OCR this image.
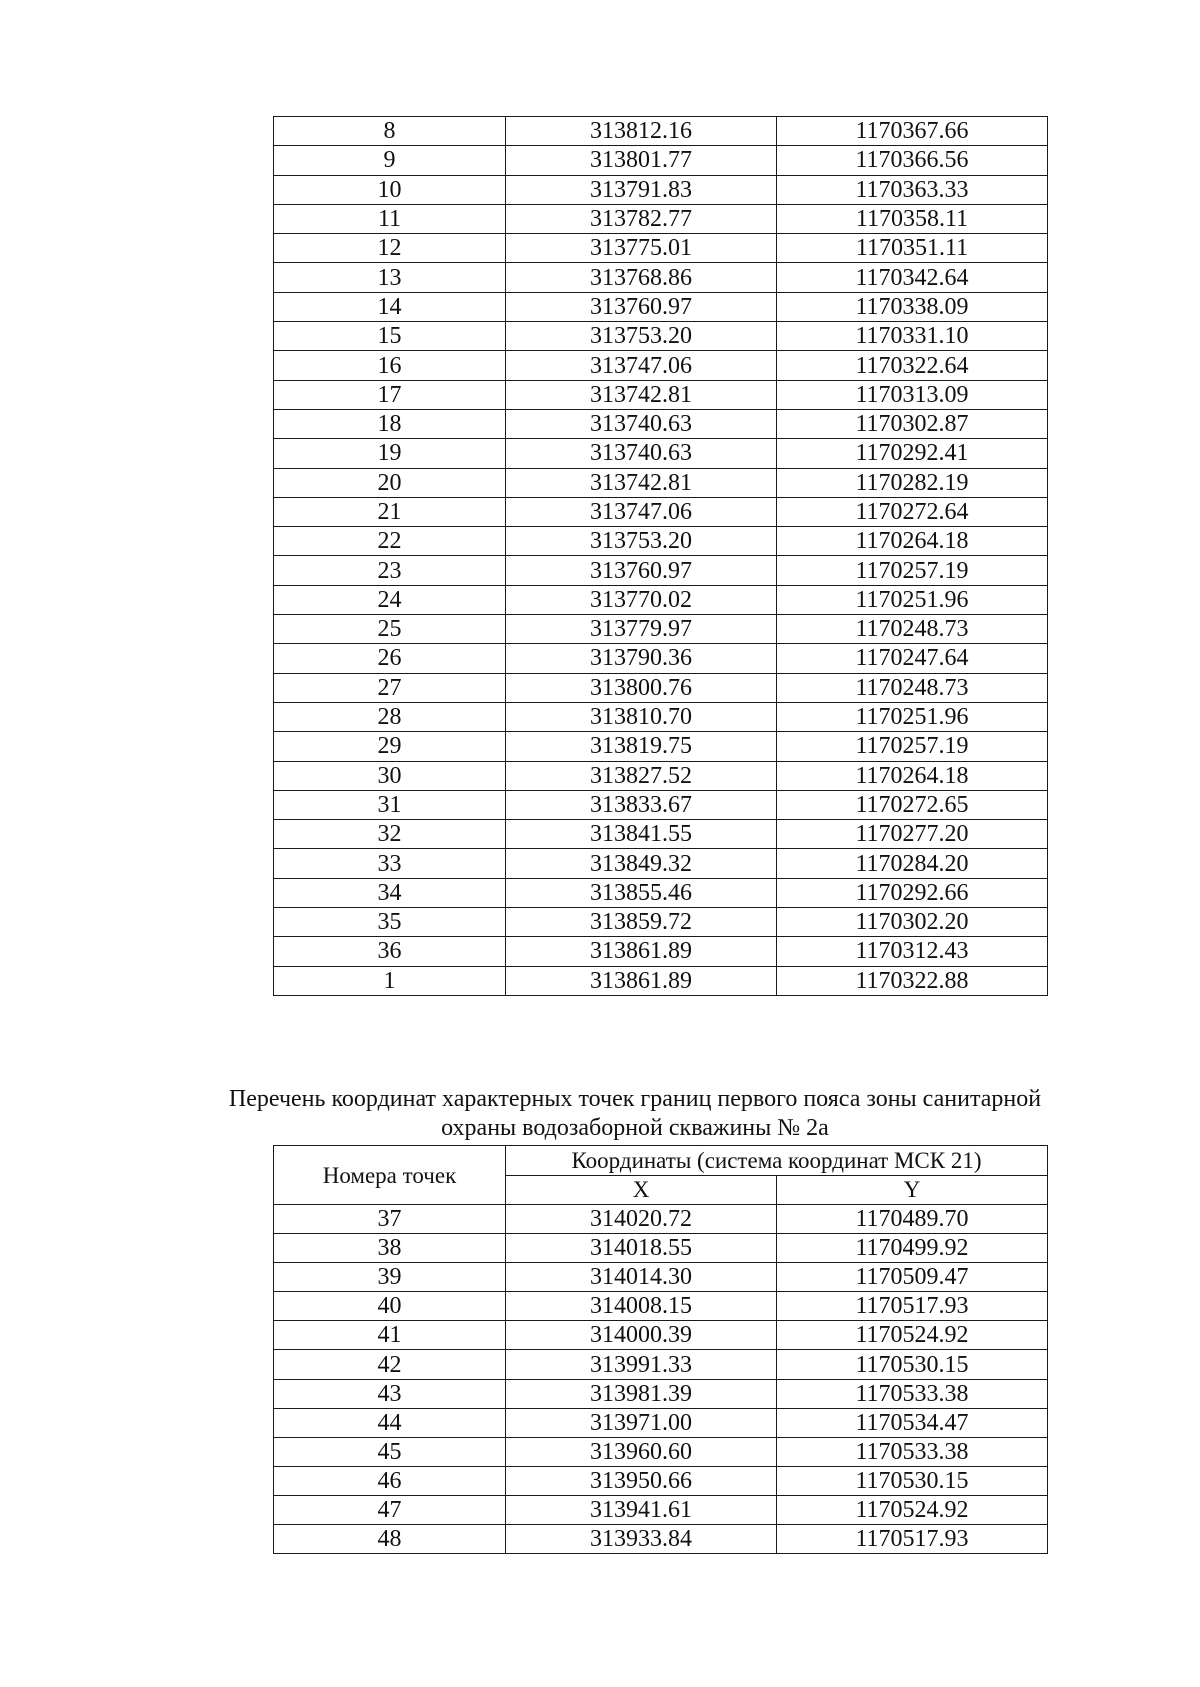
8	313812.16	1170367.66
9	313801.77	1170366.56
10	313791.83	1170363.33
11	313782.77	1170358.11
12	313775.01	1170351.11
13	313768.86	1170342.64
14	313760.97	1170338.09
15	313753.20	1170331.10
16	313747.06	1170322.64
17	313742.81	1170313.09
18	313740.63	1170302.87
19	313740.63	1170292.41
20	313742.81	1170282.19
21	313747.06	1170272.64
22	313753.20	1170264.18
23	313760.97	1170257.19
24	313770.02	1170251.96
25	313779.97	1170248.73
26	313790.36	1170247.64
27	313800.76	1170248.73
28	313810.70	1170251.96
29	313819.75	1170257.19
30	313827.52	1170264.18
31	313833.67	1170272.65
32	313841.55	1170277.20
33	313849.32	1170284.20
34	313855.46	1170292.66
35	313859.72	1170302.20
36	313861.89	1170312.43
1	313861.89	1170322.88
Перечень координат характерных точек границ первого пояса зоны санитарной
охраны водозаборной скважины № 2а
Номера точек	Координаты (система координат МСК 21)	
	X	Y
37	314020.72	1170489.70
38	314018.55	1170499.92
39	314014.30	1170509.47
40	314008.15	1170517.93
41	314000.39	1170524.92
42	313991.33	1170530.15
43	313981.39	1170533.38
44	313971.00	1170534.47
45	313960.60	1170533.38
46	313950.66	1170530.15
47	313941.61	1170524.92
48	313933.84	1170517.93
